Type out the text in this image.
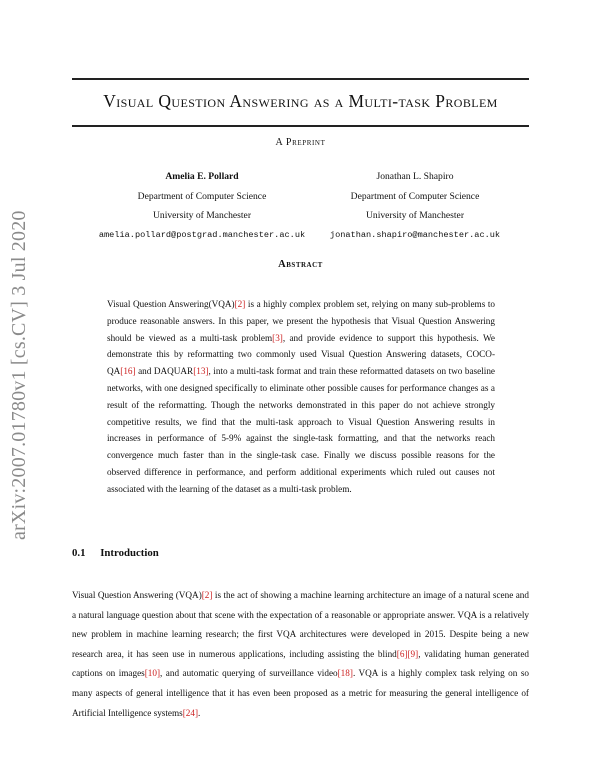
arXiv:2007.01780v1 [cs.CV] 3 Jul 2020
Visual Question Answering as a Multi-task Problem
A Preprint
Amelia E. Pollard
Department of Computer Science
University of Manchester
amelia.pollard@postgrad.manchester.ac.uk
Jonathan L. Shapiro
Department of Computer Science
University of Manchester
jonathan.shapiro@manchester.ac.uk
Abstract
Visual Question Answering(VQA)[2] is a highly complex problem set, relying on many sub-problems to produce reasonable answers. In this paper, we present the hypothesis that Visual Question Answering should be viewed as a multi-task problem[3], and provide evidence to support this hypothesis. We demonstrate this by reformatting two commonly used Visual Question Answering datasets, COCO-QA[16] and DAQUAR[13], into a multi-task format and train these reformatted datasets on two baseline networks, with one designed specifically to eliminate other possible causes for performance changes as a result of the reformatting. Though the networks demonstrated in this paper do not achieve strongly competitive results, we find that the multi-task approach to Visual Question Answering results in increases in performance of 5-9% against the single-task formatting, and that the networks reach convergence much faster than in the single-task case. Finally we discuss possible reasons for the observed difference in performance, and perform additional experiments which ruled out causes not associated with the learning of the dataset as a multi-task problem.
0.1 Introduction
Visual Question Answering (VQA)[2] is the act of showing a machine learning architecture an image of a natural scene and a natural language question about that scene with the expectation of a reasonable or appropriate answer. VQA is a relatively new problem in machine learning research; the first VQA architectures were developed in 2015. Despite being a new research area, it has seen use in numerous applications, including assisting the blind[6][9], validating human generated captions on images[10], and automatic querying of surveillance video[18]. VQA is a highly complex task relying on so many aspects of general intelligence that it has even been proposed as a metric for measuring the general intelligence of Artificial Intelligence systems[24].
